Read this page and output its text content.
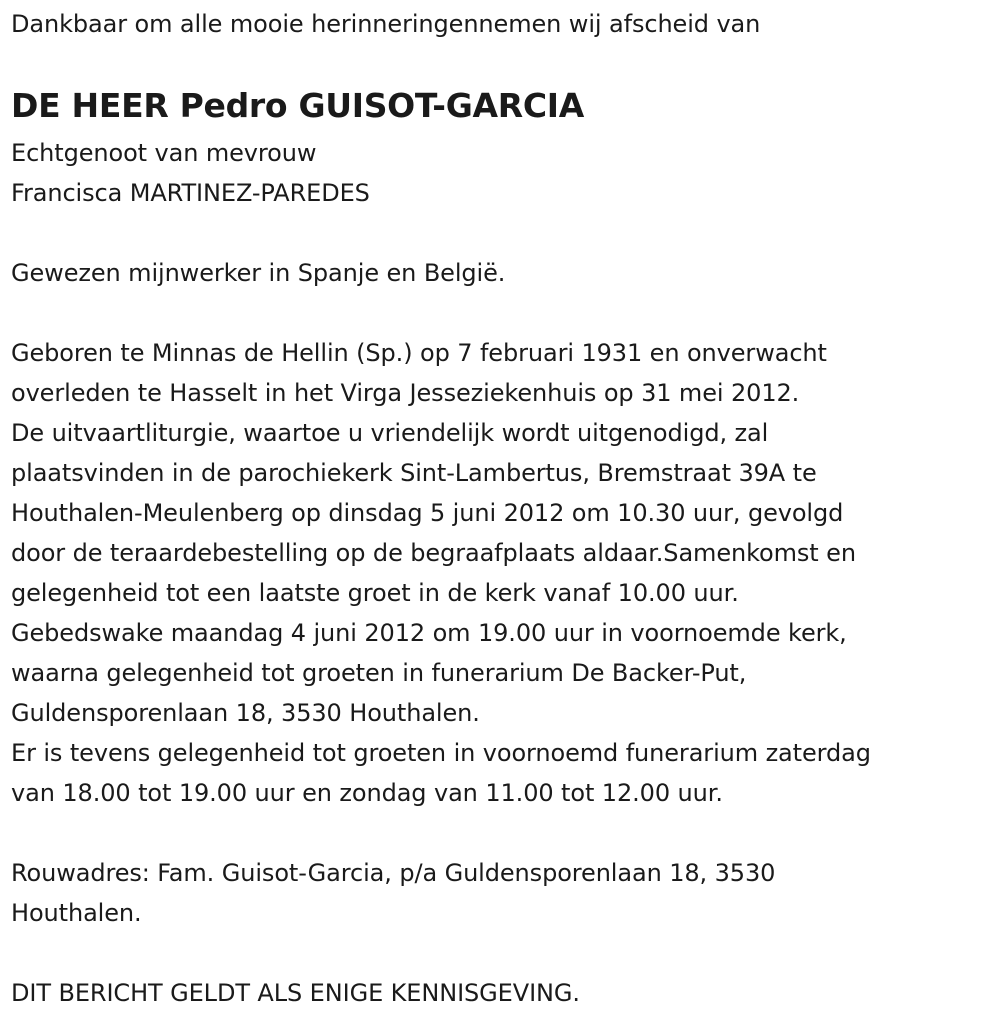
Dankbaar om alle mooie herinneringennemen wij afscheid van
DE HEER Pedro GUISOT-GARCIA
Echtgenoot van mevrouw
Francisca MARTINEZ-PAREDES
Gewezen mijnwerker in Spanje en België.
Geboren te Minnas de Hellin (Sp.) op 7 februari 1931 en onverwacht
overleden te Hasselt in het Virga Jesseziekenhuis op 31 mei 2012.
De uitvaartliturgie, waartoe u vriendelijk wordt uitgenodigd, zal
plaatsvinden in de parochiekerk Sint-Lambertus, Bremstraat 39A te
Houthalen-Meulenberg op dinsdag 5 juni 2012 om 10.30 uur, gevolgd
door de teraardebestelling op de begraafplaats aldaar.Samenkomst en
gelegenheid tot een laatste groet in de kerk vanaf 10.00 uur.
Gebedswake maandag 4 juni 2012 om 19.00 uur in voornoemde kerk,
waarna gelegenheid tot groeten in funerarium De Backer-Put,
Guldensporenlaan 18, 3530 Houthalen.
Er is tevens gelegenheid tot groeten in voornoemd funerarium zaterdag
van 18.00 tot 19.00 uur en zondag van 11.00 tot 12.00 uur.
Rouwadres: Fam. Guisot-Garcia, p/a Guldensporenlaan 18, 3530
Houthalen.
DIT BERICHT GELDT ALS ENIGE KENNISGEVING.
